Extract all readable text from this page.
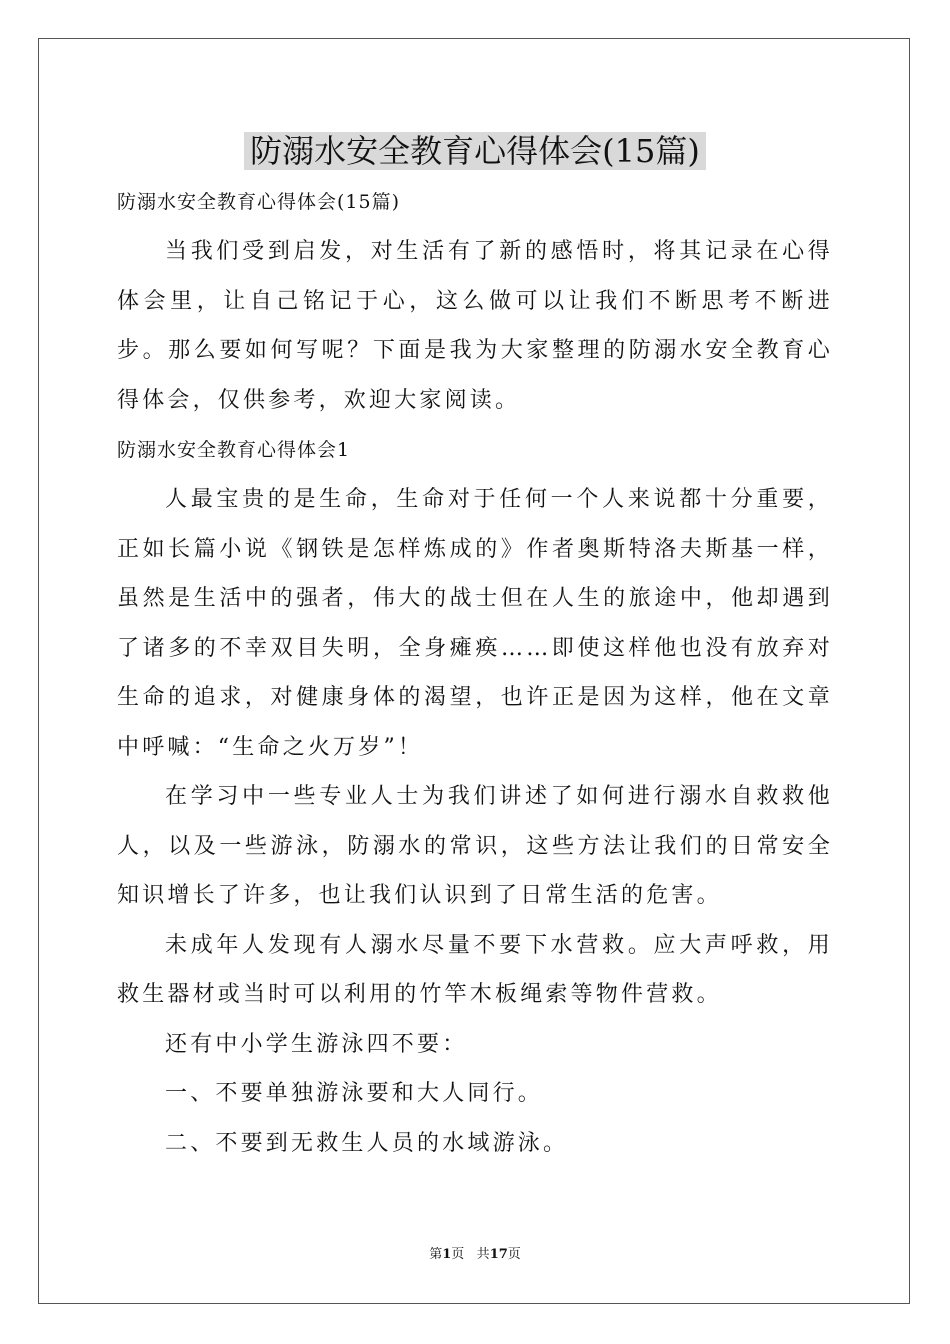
防溺水安全教育心得体会(15篇)

防溺水安全教育心得体会(15篇)

当我们受到启发，对生活有了新的感悟时，将其记录在心得体会里，让自己铭记于心，这么做可以让我们不断思考不断进步。那么要如何写呢？下面是我为大家整理的防溺水安全教育心得体会，仅供参考，欢迎大家阅读。

防溺水安全教育心得体会1

人最宝贵的是生命，生命对于任何一个人来说都十分重要，正如长篇小说《钢铁是怎样炼成的》作者奥斯特洛夫斯基一样，虽然是生活中的强者，伟大的战士但在人生的旅途中，他却遇到了诸多的不幸双目失明，全身瘫痪……即使这样他也没有放弃对生命的追求，对健康身体的渴望，也许正是因为这样，他在文章中呼喊：“生命之火万岁”！

在学习中一些专业人士为我们讲述了如何进行溺水自救救他人，以及一些游泳，防溺水的常识，这些方法让我们的日常安全知识增长了许多，也让我们认识到了日常生活的危害。

未成年人发现有人溺水尽量不要下水营救。应大声呼救，用救生器材或当时可以利用的竹竿木板绳索等物件营救。

还有中小学生游泳四不要：

一、不要单独游泳要和大人同行。

二、不要到无救生人员的水域游泳。

第1页 共17页
